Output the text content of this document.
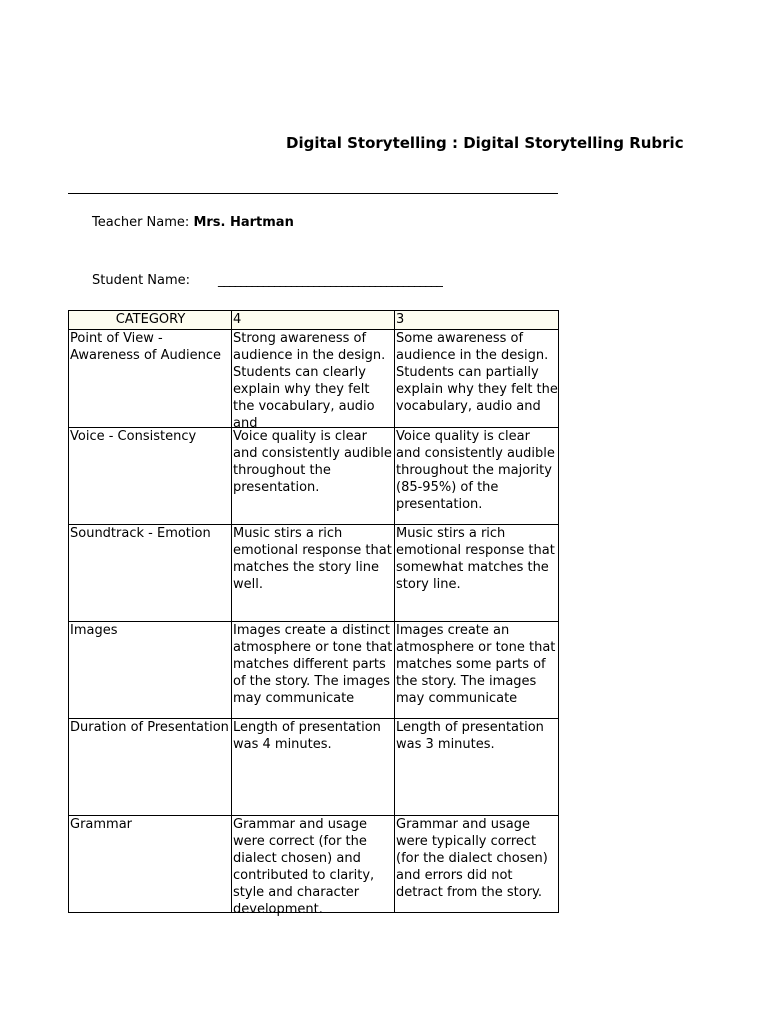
Digital Storytelling : Digital Storytelling Rubric
Teacher Name: Mrs. Hartman
Student Name: ________________________________________
CATEGORY	4	3

Point of View - Awareness of Audience	Strong awareness of audience in the design. Students can clearly explain why they felt the vocabulary, audio and	Some awareness of audience in the design. Students can partially explain why they felt the vocabulary, audio and

Voice - Consistency	Voice quality is clear and consistently audible throughout the presentation.	Voice quality is clear and consistently audible throughout the majority (85-95%) of the presentation.

Soundtrack - Emotion	Music stirs a rich emotional response that matches the story line well.	Music stirs a rich emotional response that somewhat matches the story line.

Images	Images create a distinct atmosphere or tone that matches different parts of the story. The images may communicate	Images create an atmosphere or tone that matches some parts of the story. The images may communicate

Duration of Presentation	Length of presentation was 4 minutes.	Length of presentation was 3 minutes.

Grammar	Grammar and usage were correct (for the dialect chosen) and contributed to clarity, style and character development.	Grammar and usage were typically correct (for the dialect chosen) and errors did not detract from the story.
